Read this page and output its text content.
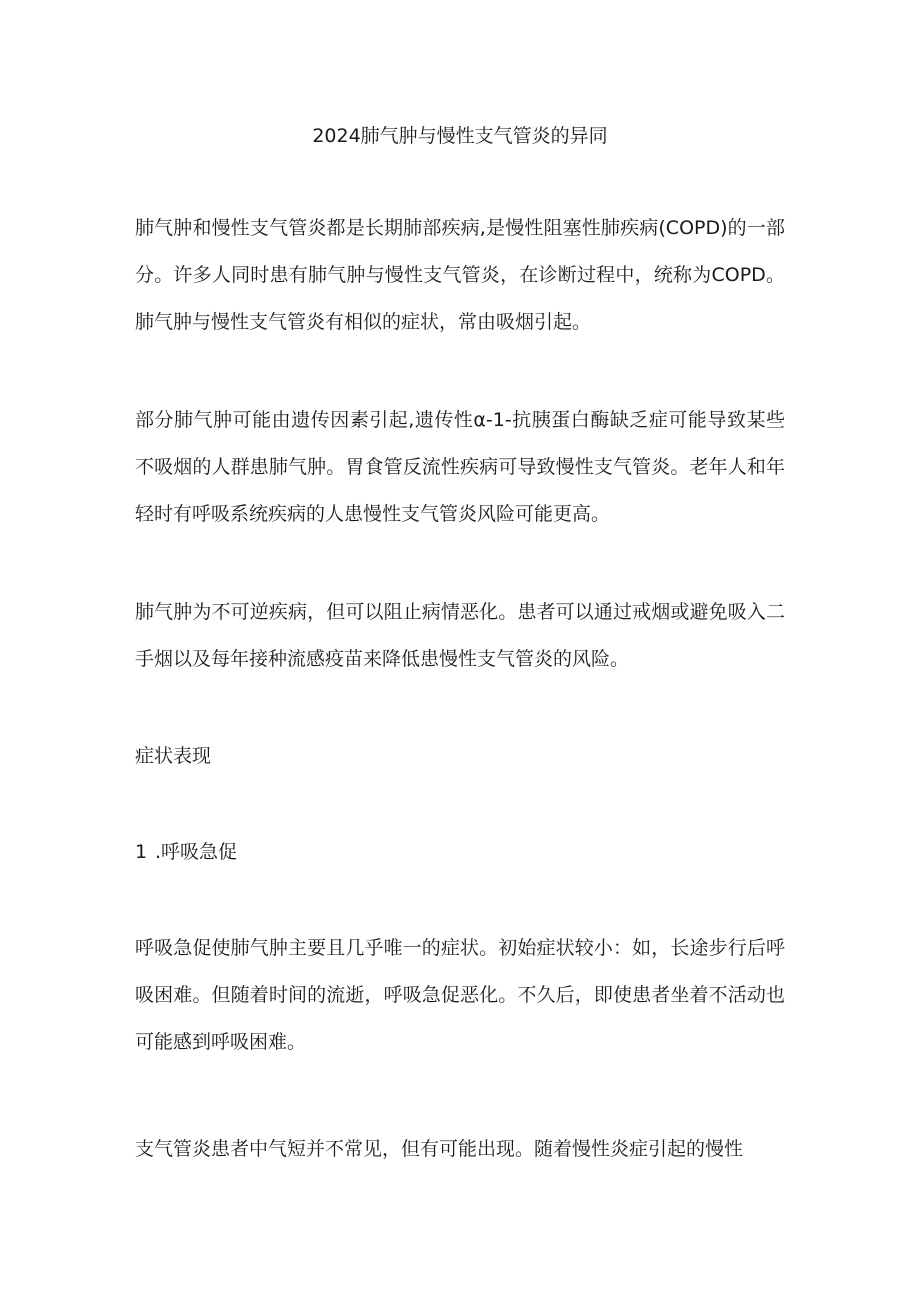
2024肺气肿与慢性支气管炎的异同

肺气肿和慢性支气管炎都是长期肺部疾病,是慢性阻塞性肺疾病(COPD)的一部分。许多人同时患有肺气肿与慢性支气管炎，在诊断过程中，统称为COPD。肺气肿与慢性支气管炎有相似的症状，常由吸烟引起。

部分肺气肿可能由遗传因素引起,遗传性α-1-抗胰蛋白酶缺乏症可能导致某些不吸烟的人群患肺气肿。胃食管反流性疾病可导致慢性支气管炎。老年人和年轻时有呼吸系统疾病的人患慢性支气管炎风险可能更高。

肺气肿为不可逆疾病，但可以阻止病情恶化。患者可以通过戒烟或避免吸入二手烟以及每年接种流感疫苗来降低患慢性支气管炎的风险。

症状表现
1 .呼吸急促

呼吸急促使肺气肿主要且几乎唯一的症状。初始症状较小：如，长途步行后呼吸困难。但随着时间的流逝，呼吸急促恶化。不久后，即使患者坐着不活动也可能感到呼吸困难。

支气管炎患者中气短并不常见，但有可能出现。随着慢性炎症引起的慢性
